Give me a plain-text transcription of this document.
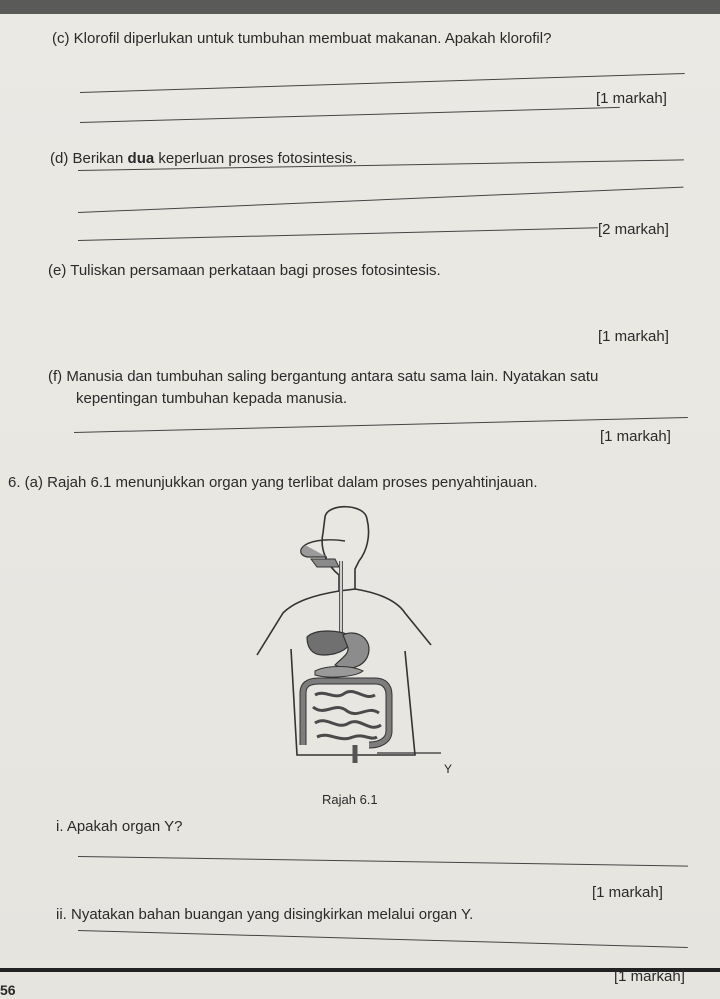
(c) Klorofil diperlukan untuk tumbuhan membuat makanan. Apakah klorofil?
[1 markah]
(d) Berikan dua keperluan proses fotosintesis.
[2 markah]
(e) Tuliskan persamaan perkataan bagi proses fotosintesis.
[1 markah]
(f) Manusia dan tumbuhan saling bergantung antara satu sama lain. Nyatakan satu
kepentingan tumbuhan kepada manusia.
[1 markah]
6. (a) Rajah 6.1 menunjukkan organ yang terlibat dalam proses penyahtinjauan.
Y
Rajah 6.1
i. Apakah organ Y?
[1 markah]
ii. Nyatakan bahan buangan yang disingkirkan melalui organ Y.
56
[1 markah]
